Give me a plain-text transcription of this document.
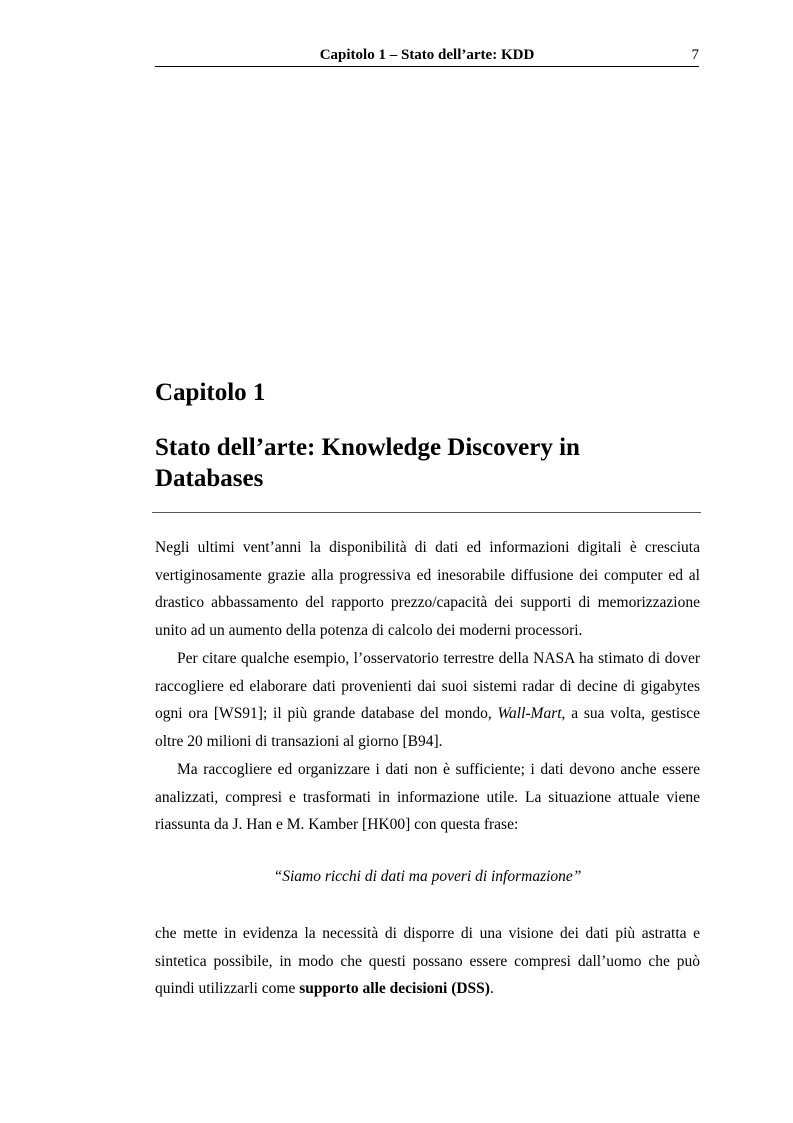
Capitolo 1 – Stato dell’arte: KDD	7
Capitolo 1
Stato dell’arte: Knowledge Discovery in Databases

Negli ultimi vent’anni la disponibilità di dati ed informazioni digitali è cresciuta vertiginosamente grazie alla progressiva ed inesorabile diffusione dei computer ed al drastico abbassamento del rapporto prezzo/capacità dei supporti di memorizzazione unito ad un aumento della potenza di calcolo dei moderni processori.

Per citare qualche esempio, l’osservatorio terrestre della NASA ha stimato di dover raccogliere ed elaborare dati provenienti dai suoi sistemi radar di decine di gigabytes ogni ora [WS91]; il più grande database del mondo, Wall-Mart, a sua volta, gestisce oltre 20 milioni di transazioni al giorno [B94].

Ma raccogliere ed organizzare i dati non è sufficiente; i dati devono anche essere analizzati, compresi e trasformati in informazione utile. La situazione attuale viene riassunta da J. Han e M. Kamber [HK00] con questa frase:

“Siamo ricchi di dati ma poveri di informazione”

che mette in evidenza la necessità di disporre di una visione dei dati più astratta e sintetica possibile, in modo che questi possano essere compresi dall’uomo che può quindi utilizzarli come supporto alle decisioni (DSS).
